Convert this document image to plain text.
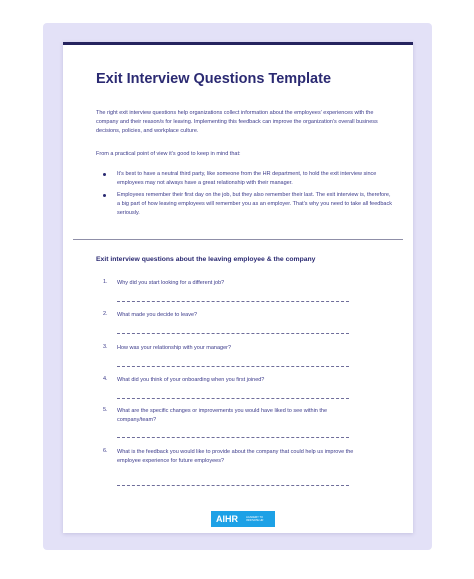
Exit Interview Questions Template

The right exit interview questions help organizations collect information about the employees’ experiences with the company and their reason/s for leaving. Implementing this feedback can improve the organization’s overall business decisions, policies, and workplace culture.

From a practical point of view it’s good to keep in mind that:

It’s best to have a neutral third party, like someone from the HR department, to hold the exit interview since employees may not always have a great relationship with their manager.
Employees remember their first day on the job, but they also remember their last. The exit interview is, therefore, a big part of how leaving employees will remember you as an employer. That’s why you need to take all feedback seriously.
Exit interview questions about the leaving employee & the company
1. Why did you start looking for a different job?
2. What made you decide to leave?
3. How was your relationship with your manager?
4. What did you think of your onboarding when you first joined?
5. What are the specific changes or improvements you would have liked to see within the company/team?
6. What is the feedback you would like to provide about the company that could help us improve the employee experience for future employees?
AIHR	ACADEMY TO
INNOVATE HR
